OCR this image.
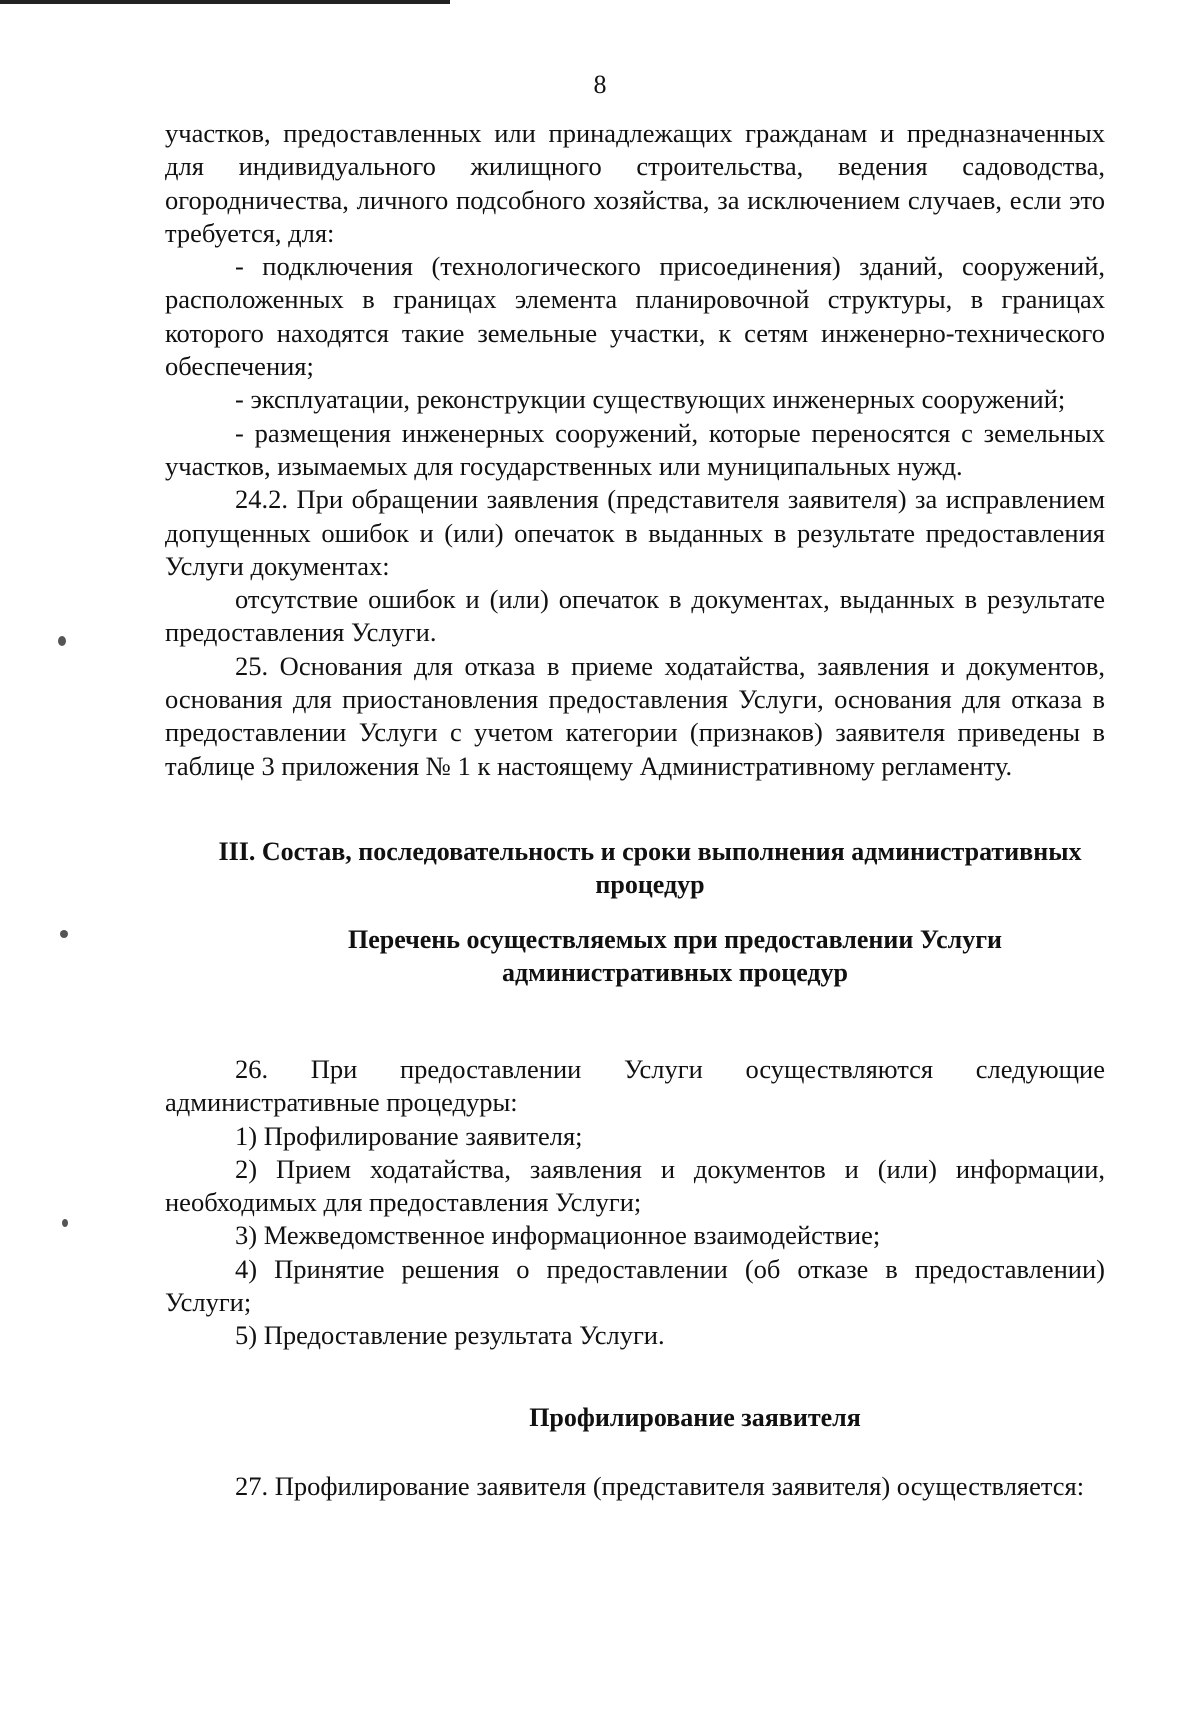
8

участков, предоставленных или принадлежащих гражданам и предназначенных для индивидуального жилищного строительства, ведения садоводства, огородничества, личного подсобного хозяйства, за исключением случаев, если это требуется, для:

- подключения (технологического присоединения) зданий, сооружений, расположенных в границах элемента планировочной структуры, в границах которого находятся такие земельные участки, к сетям инженерно-технического обеспечения;

- эксплуатации, реконструкции существующих инженерных сооружений;

- размещения инженерных сооружений, которые переносятся с земельных участков, изымаемых для государственных или муниципальных нужд.

24.2. При обращении заявления (представителя заявителя) за исправлением допущенных ошибок и (или) опечаток в выданных в результате предоставления Услуги документах:

отсутствие ошибок и (или) опечаток в документах, выданных в результате предоставления Услуги.

25. Основания для отказа в приеме ходатайства, заявления и документов, основания для приостановления предоставления Услуги, основания для отказа в предоставлении Услуги с учетом категории (признаков) заявителя приведены в таблице 3 приложения № 1 к настоящему Административному регламенту.

III. Состав, последовательность и сроки выполнения административных процедур

Перечень осуществляемых при предоставлении Услуги административных процедур

26. При предоставлении Услуги осуществляются следующие административные процедуры:

1) Профилирование заявителя;

2) Прием ходатайства, заявления и документов и (или) информации, необходимых для предоставления Услуги;

3) Межведомственное информационное взаимодействие;

4) Принятие решения о предоставлении (об отказе в предоставлении) Услуги;

5) Предоставление результата Услуги.

Профилирование заявителя

27. Профилирование заявителя (представителя заявителя) осуществляется:
